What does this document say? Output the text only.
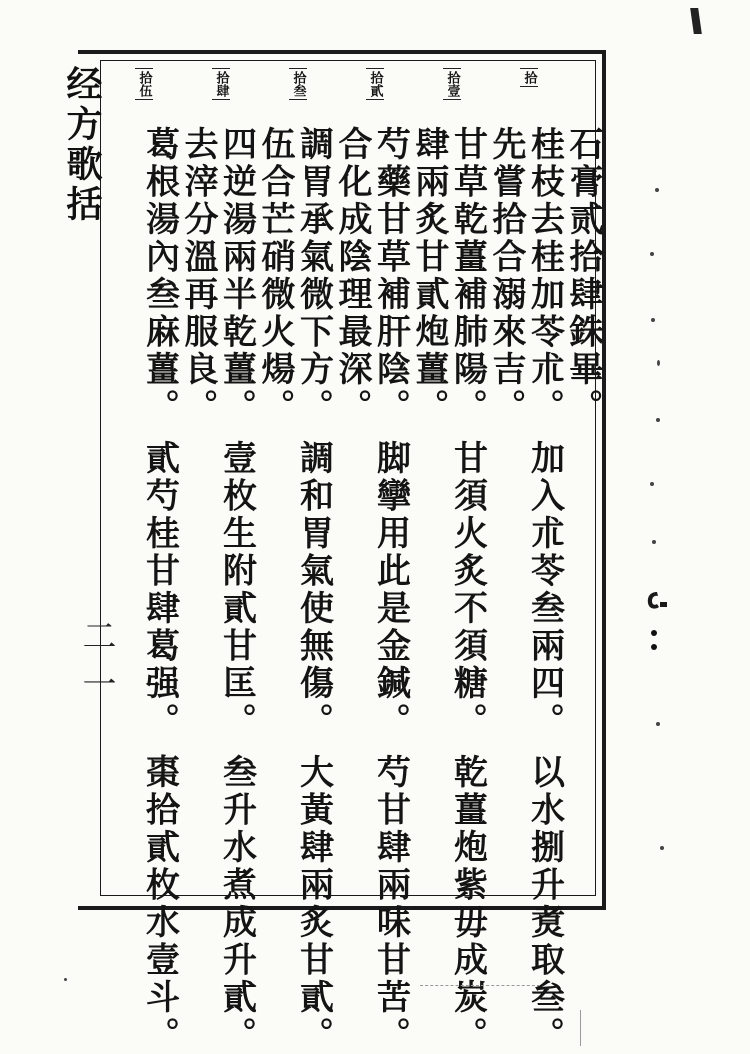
经方歌括
二一
石膏贰拾肆銖畢。
拾
桂枝去桂加苓朮。加入朮苓叁兩四。以水捌升煑取叁。
先嘗拾合溺來吉。
拾壹
甘草乾薑補肺陽。甘須火炙不須糖。乾薑炮紫毋成炭。
肆兩炙甘貳炮薑。
拾貳
芍藥甘草補肝陰。脚攣用此是金鍼。芍甘肆兩味甘苦。
合化成陰理最深。
拾叁
調胃承氣微下方。調和胃氣使無傷。大黃肆兩炙甘貳。
伍合芒硝微火煬。
拾肆
四逆湯兩半乾薑。壹枚生附貳甘匡。叁升水煮成升貳。
去滓分溫再服良。
拾伍
葛根湯內叁麻薑。貳芍桂甘肆葛强。棗拾貳枚水壹斗。
